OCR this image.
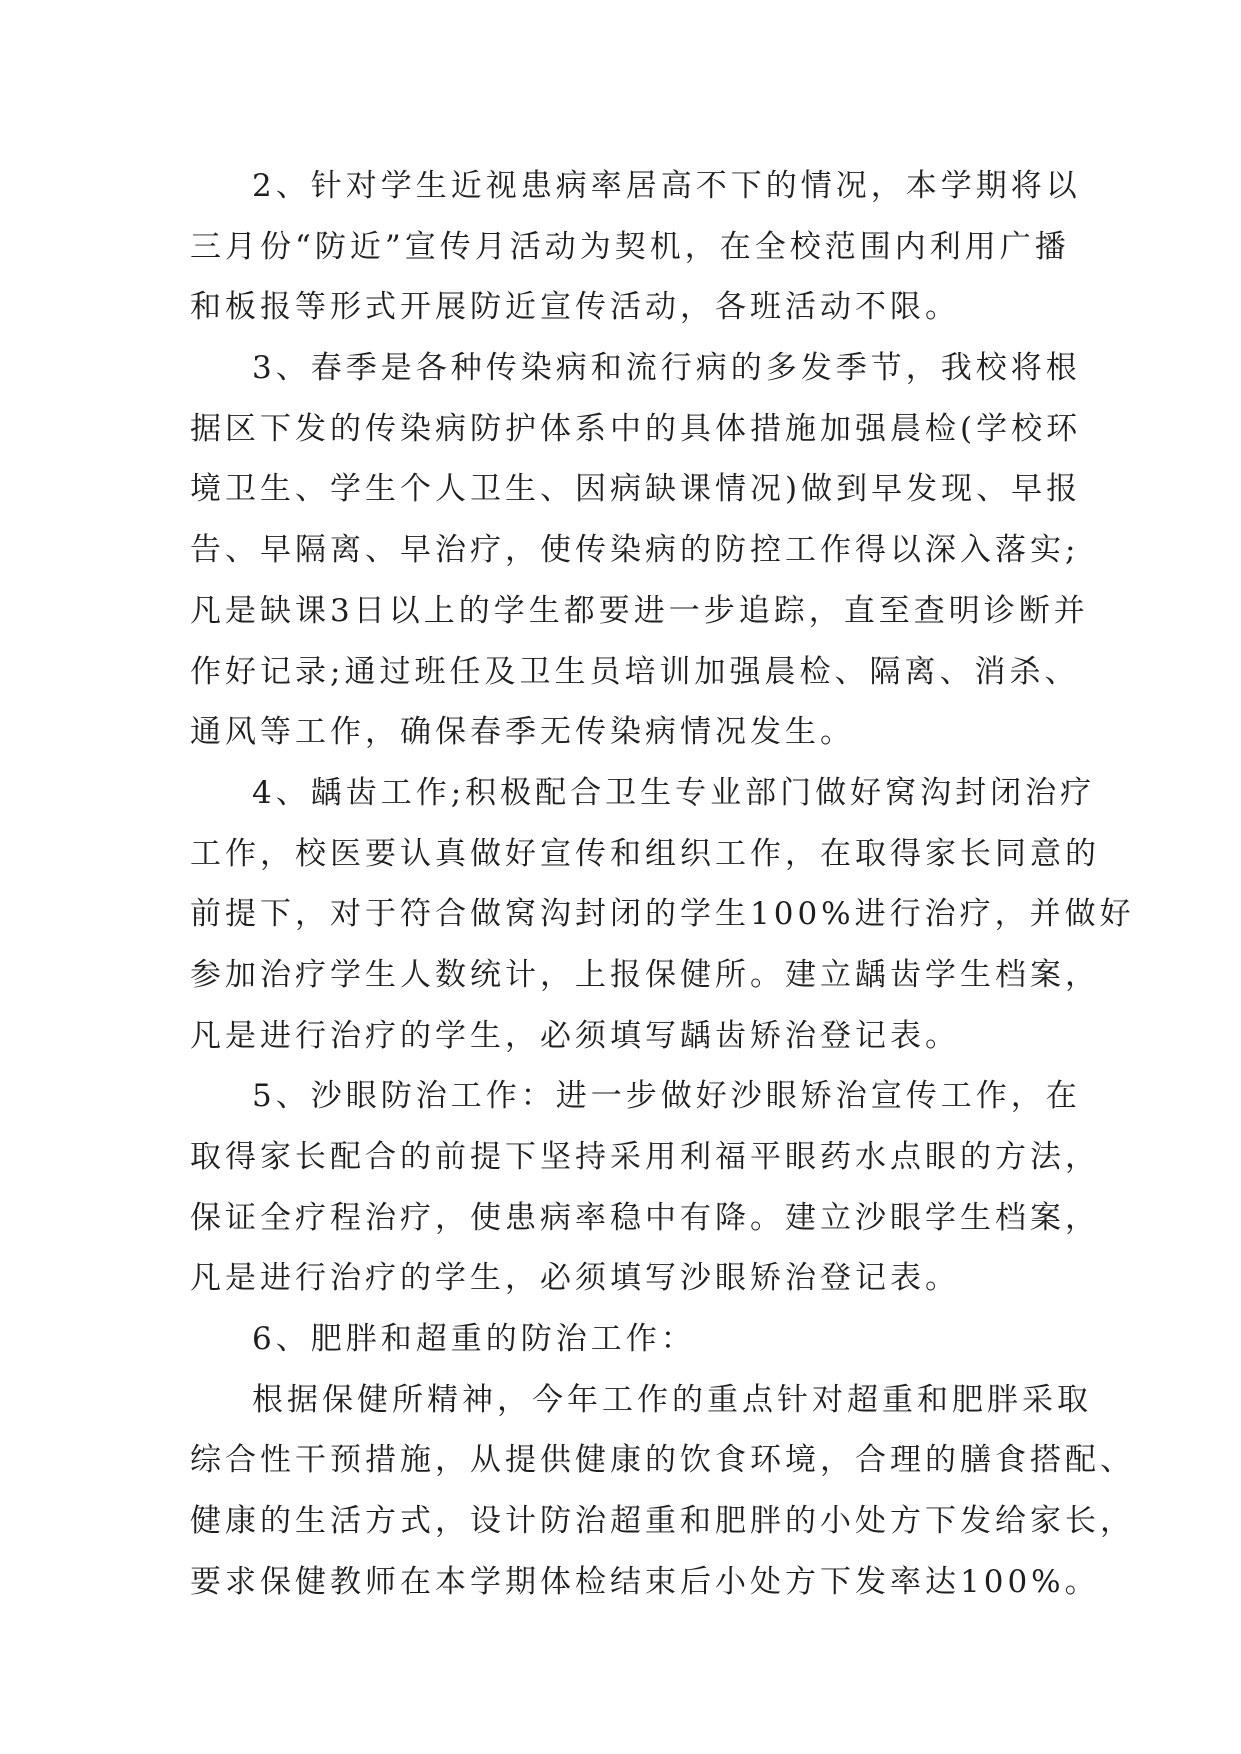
2、针对学生近视患病率居高不下的情况，本学期将以
三月份“防近”宣传月活动为契机，在全校范围内利用广播
和板报等形式开展防近宣传活动，各班活动不限。
3、春季是各种传染病和流行病的多发季节，我校将根
据区下发的传染病防护体系中的具体措施加强晨检(学校环
境卫生、学生个人卫生、因病缺课情况)做到早发现、早报
告、早隔离、早治疗，使传染病的防控工作得以深入落实;
凡是缺课3日以上的学生都要进一步追踪，直至查明诊断并
作好记录;通过班任及卫生员培训加强晨检、隔离、消杀、
通风等工作，确保春季无传染病情况发生。
4、龋齿工作;积极配合卫生专业部门做好窝沟封闭治疗
工作，校医要认真做好宣传和组织工作，在取得家长同意的
前提下，对于符合做窝沟封闭的学生100%进行治疗，并做好
参加治疗学生人数统计，上报保健所。建立龋齿学生档案，
凡是进行治疗的学生，必须填写龋齿矫治登记表。
5、沙眼防治工作：进一步做好沙眼矫治宣传工作，在
取得家长配合的前提下坚持采用利福平眼药水点眼的方法，
保证全疗程治疗，使患病率稳中有降。建立沙眼学生档案，
凡是进行治疗的学生，必须填写沙眼矫治登记表。
6、肥胖和超重的防治工作：
根据保健所精神，今年工作的重点针对超重和肥胖采取
综合性干预措施，从提供健康的饮食环境，合理的膳食搭配、
健康的生活方式，设计防治超重和肥胖的小处方下发给家长，
要求保健教师在本学期体检结束后小处方下发率达100%。
